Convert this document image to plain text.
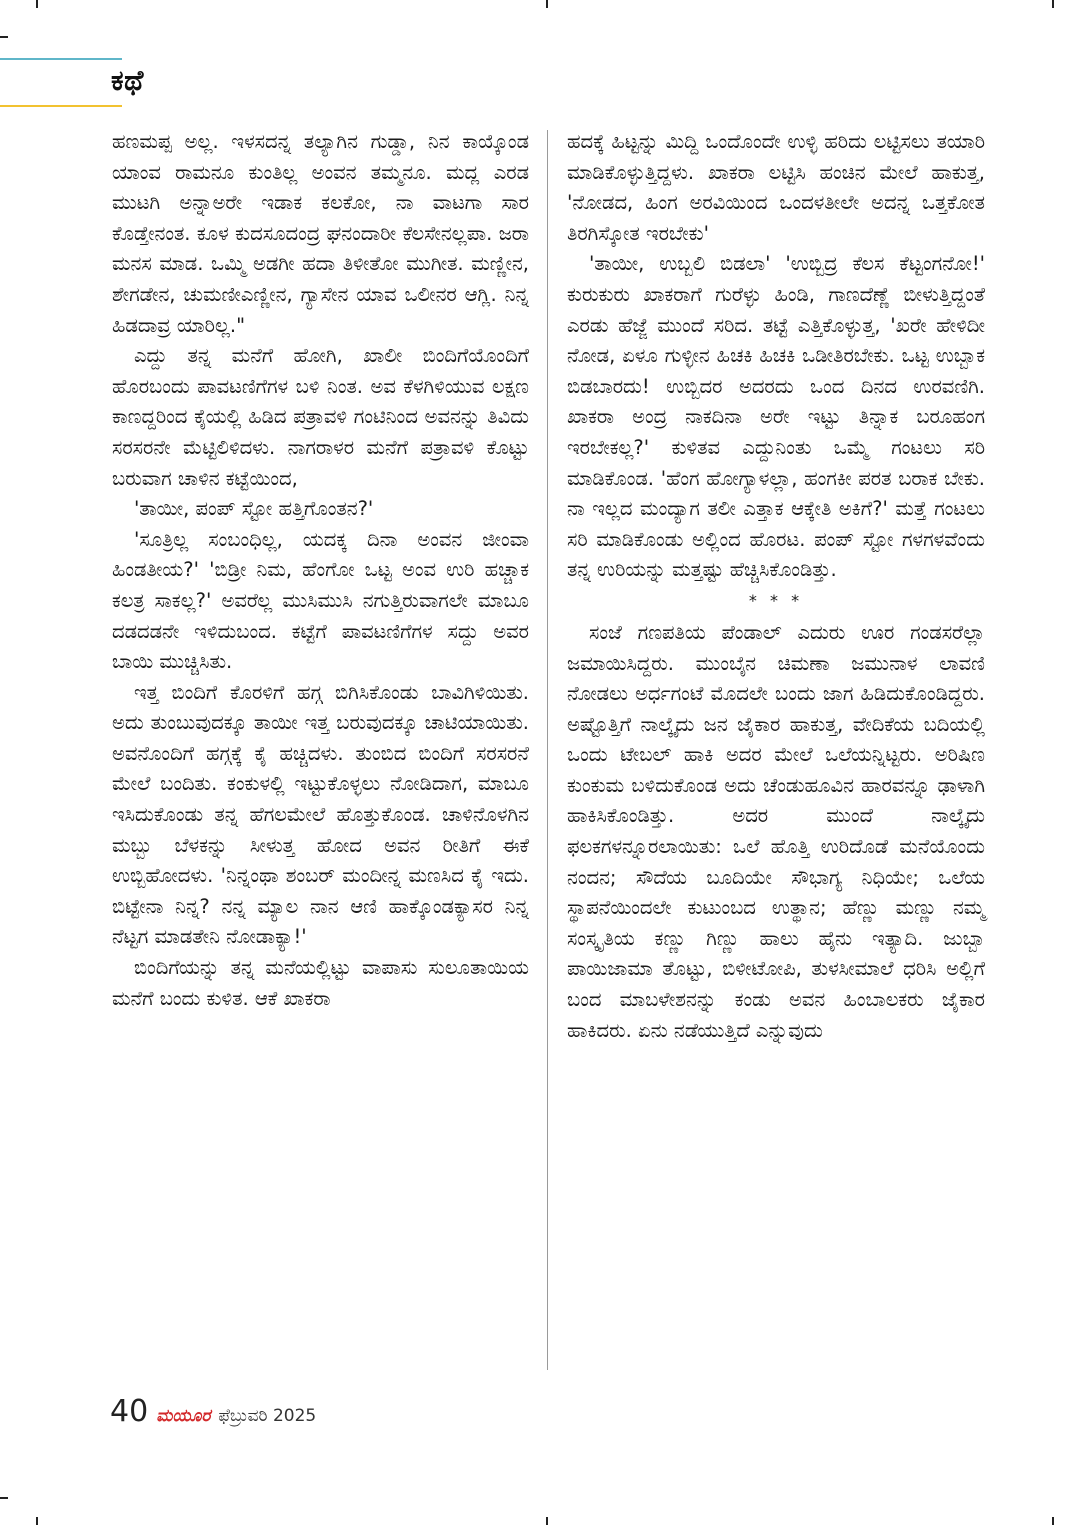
ಕಥೆ

ಹಣಮಪ್ಪ ಅಲ್ಲ. ಇಳಸದನ್ನ ತಲ್ಯಾಗಿನ ಗುಡ್ಡಾ, ನಿನ ಕಾಯ್ಕೊಂಡ ಯಾಂವ ರಾಮನೂ ಕುಂತಿಲ್ಲ ಅಂವನ ತಮ್ಮನೂ. ಮದ್ಲ ಎರಡ ಮುಟಗಿ ಅನ್ನಾಅರೇ ಇಡಾಕ ಕಲಕೋ, ನಾ ವಾಟಗಾ ಸಾರ ಕೊಡ್ತೇನಂತ. ಕೂಳ ಕುದಸೂದಂದ್ರ ಘನಂದಾರೀ ಕೆಲಸೇನಲ್ಲಪಾ. ಜರಾ ಮನಸ ಮಾಡ. ಒಮ್ಮಿ ಅಡಗೀ ಹದಾ ತಿಳೀತೋ ಮುಗೀತ. ಮಣ್ಣೀನ, ಶೇಗಡೇನ, ಚುಮಣೀಎಣ್ಣೀನ, ಗ್ಯಾಸೇನ ಯಾವ ಒಲೀನರ ಆಗ್ಲಿ. ನಿನ್ನ ಹಿಡದಾವ್ರ ಯಾರಿಲ್ಲ."

ಎದ್ದು ತನ್ನ ಮನೆಗೆ ಹೋಗಿ, ಖಾಲೀ ಬಿಂದಿಗೆಯೊಂದಿಗೆ ಹೊರಬಂದು ಪಾವಟಣಿಗೆಗಳ ಬಳಿ ನಿಂತ. ಅವ ಕೆಳಗಿಳಿಯುವ ಲಕ್ಷಣ ಕಾಣದ್ದರಿಂದ ಕೈಯಲ್ಲಿ ಹಿಡಿದ ಪತ್ರಾವಳಿ ಗಂಟಿನಿಂದ ಅವನನ್ನು ತಿವಿದು ಸರಸರನೇ ಮೆಟ್ಟಿಲಿಳಿದಳು. ನಾಗರಾಳರ ಮನೆಗೆ ಪತ್ರಾವಳಿ ಕೊಟ್ಟು ಬರುವಾಗ ಚಾಳಿನ ಕಟ್ಟೆಯಿಂದ,

'ತಾಯೀ, ಪಂಪ್ ಸ್ಟೋ ಹತ್ತಿಗೊಂತನ?'

'ಸೂತ್ರಿಲ್ಲ ಸಂಬಂಧಿಲ್ಲ, ಯದಕ್ಕ ದಿನಾ ಅಂವನ ಜೀಂವಾ ಹಿಂಡತೀಯ?' 'ಬಿಡ್ರೀ ನಿಮ, ಹೆಂಗೋ ಒಟ್ಟ ಅಂವ ಉರಿ ಹಚ್ಚಾಕ ಕಲತ್ರ ಸಾಕಲ್ಲ?' ಅವರೆಲ್ಲ ಮುಸಿಮುಸಿ ನಗುತ್ತಿರುವಾಗಲೇ ಮಾಬೂ ದಡದಡನೇ ಇಳಿದುಬಂದ. ಕಟ್ಟೆಗೆ ಪಾವಟಣಿಗೆಗಳ ಸದ್ದು ಅವರ ಬಾಯಿ ಮುಚ್ಚಿಸಿತು.

ಇತ್ತ ಬಿಂದಿಗೆ ಕೊರಳಿಗೆ ಹಗ್ಗ ಬಿಗಿಸಿಕೊಂಡು ಬಾವಿಗಿಳಿಯಿತು. ಅದು ತುಂಬುವುದಕ್ಕೂ ತಾಯೀ ಇತ್ತ ಬರುವುದಕ್ಕೂ ಚಾಟಿಯಾಯಿತು. ಅವನೊಂದಿಗೆ ಹಗ್ಗಕ್ಕೆ ಕೈ ಹಚ್ಚಿದಳು. ತುಂಬಿದ ಬಿಂದಿಗೆ ಸರಸರನೆ ಮೇಲೆ ಬಂದಿತು. ಕಂಕುಳಲ್ಲಿ ಇಟ್ಟುಕೊಳ್ಳಲು ನೋಡಿದಾಗ, ಮಾಬೂ ಇಸಿದುಕೊಂಡು ತನ್ನ ಹೆಗಲಮೇಲೆ ಹೊತ್ತುಕೊಂಡ. ಚಾಳಿನೊಳಗಿನ ಮಬ್ಬು ಬೆಳಕನ್ನು ಸೀಳುತ್ತ ಹೋದ ಅವನ ರೀತಿಗೆ ಈಕೆ ಉಬ್ಬಿಹೋದಳು. 'ನಿನ್ನಂಥಾ ಶಂಬರ್ ಮಂದೀನ್ನ ಮಣಸಿದ ಕೈ ಇದು. ಬಿಟ್ಟೇನಾ ನಿನ್ನ? ನನ್ನ ಮ್ಯಾಲ ನಾನ ಆಣಿ ಹಾಕ್ಕೊಂಡಕ್ಯಾಸರ ನಿನ್ನ ನೆಟ್ಟಗ ಮಾಡತೇನಿ ನೋಡಾಕ್ಯಾ!'

ಬಿಂದಿಗೆಯನ್ನು ತನ್ನ ಮನೆಯಲ್ಲಿಟ್ಟು ವಾಪಾಸು ಸುಲೂತಾಯಿಯ ಮನೆಗೆ ಬಂದು ಕುಳಿತ. ಆಕೆ ಖಾಕರಾ

ಹದಕ್ಕೆ ಹಿಟ್ಟನ್ನು ಮಿದ್ದಿ ಒಂದೊಂದೇ ಉಳ್ಳಿ ಹರಿದು ಲಟ್ಟಿಸಲು ತಯಾರಿ ಮಾಡಿಕೊಳ್ಳುತ್ತಿದ್ದಳು. ಖಾಕರಾ ಲಟ್ಟಿಸಿ ಹಂಚಿನ ಮೇಲೆ ಹಾಕುತ್ತ, 'ನೋಡದ, ಹಿಂಗ ಅರವಿಯಿಂದ ಒಂದಳತೀಲೇ ಅದನ್ನ ಒತ್ತಕೋತ ತಿರಗಿಸ್ಕೋತ ಇರಬೇಕು'

'ತಾಯೀ, ಉಬ್ಬಲಿ ಬಿಡಲಾ' 'ಉಬ್ಬಿದ್ರ ಕೆಲಸ ಕೆಟ್ಟಂಗನೋ!' ಕುರುಕುರು ಖಾಕರಾಗೆ ಗುರೆಳ್ಳು ಹಿಂಡಿ, ಗಾಣದೆಣ್ಣೆ ಬೀಳುತ್ತಿದ್ದಂತೆ ಎರಡು ಹೆಜ್ಜೆ ಮುಂದೆ ಸರಿದ. ತಟ್ಟೆ ಎತ್ತಿಕೊಳ್ಳುತ್ತ, 'ಖರೇ ಹೇಳಿದೀ ನೋಡ, ಏಳೂ ಗುಳ್ಳೀನ ಹಿಚಕಿ ಹಿಚಕಿ ಒಡೀತಿರಬೇಕು. ಒಟ್ಟ ಉಬ್ಬಾಕ ಬಿಡಬಾರದು! ಉಬ್ಬಿದರ ಅದರದು ಒಂದ ದಿನದ ಉರವಣಿಗಿ. ಖಾಕರಾ ಅಂದ್ರ ನಾಕದಿನಾ ಅರೇ ಇಟ್ಟು ತಿನ್ನಾಕ ಬರೂಹಂಗ ಇರಬೇಕಲ್ಲ?' ಕುಳಿತವ ಎದ್ದುನಿಂತು ಒಮ್ಮೆ ಗಂಟಲು ಸರಿ ಮಾಡಿಕೊಂಡ. 'ಹೆಂಗ ಹೋಗ್ಯಾಳಲ್ಲಾ, ಹಂಗಕೀ ಪರತ ಬರಾಕ ಬೇಕು. ನಾ ಇಲ್ಲದ ಮಂದ್ಯಾಗ ತಲೀ ಎತ್ತಾಕ ಆಕ್ಕೇತಿ ಅಕಿಗೆ?' ಮತ್ತೆ ಗಂಟಲು ಸರಿ ಮಾಡಿಕೊಂಡು ಅಲ್ಲಿಂದ ಹೊರಟ. ಪಂಪ್ ಸ್ಟೋ ಗಳಗಳವೆಂದು ತನ್ನ ಉರಿಯನ್ನು ಮತ್ತಷ್ಟು ಹೆಚ್ಚಿಸಿಕೊಂಡಿತ್ತು.

* * *

ಸಂಜೆ ಗಣಪತಿಯ ಪೆಂಡಾಲ್ ಎದುರು ಊರ ಗಂಡಸರೆಲ್ಲಾ ಜಮಾಯಿಸಿದ್ದರು. ಮುಂಬೈನ ಚಿಮಣಾ ಜಮುನಾಳ ಲಾವಣಿ ನೋಡಲು ಅರ್ಧಗಂಟೆ ಮೊದಲೇ ಬಂದು ಜಾಗ ಹಿಡಿದುಕೊಂಡಿದ್ದರು. ಅಷ್ಟೊತ್ತಿಗೆ ನಾಲ್ಕೈದು ಜನ ಜೈಕಾರ ಹಾಕುತ್ತ, ವೇದಿಕೆಯ ಬದಿಯಲ್ಲಿ ಒಂದು ಟೇಬಲ್ ಹಾಕಿ ಅದರ ಮೇಲೆ ಒಲೆಯನ್ನಿಟ್ಟರು. ಅರಿಷಿಣ ಕುಂಕುಮ ಬಳಿದುಕೊಂಡ ಅದು ಚೆಂಡುಹೂವಿನ ಹಾರವನ್ನೂ ಢಾಳಾಗಿ ಹಾಕಿಸಿಕೊಂಡಿತ್ತು. ಅದರ ಮುಂದೆ ನಾಲ್ಕೈದು ಫಲಕಗಳನ್ನೂರಲಾಯಿತು: ಒಲೆ ಹೊತ್ತಿ ಉರಿದೊಡೆ ಮನೆಯೊಂದು ನಂದನ; ಸೌದೆಯ ಬೂದಿಯೇ ಸೌಭಾಗ್ಯ ನಿಧಿಯೇ; ಒಲೆಯ ಸ್ಥಾಪನೆಯಿಂದಲೇ ಕುಟುಂಬದ ಉತ್ಥಾನ; ಹೆಣ್ಣು ಮಣ್ಣು ನಮ್ಮ ಸಂಸ್ಕೃತಿಯ ಕಣ್ಣು ಗಿಣ್ಣು ಹಾಲು ಹೈನು ಇತ್ಯಾದಿ. ಜುಬ್ಬಾ ಪಾಯಿಜಾಮಾ ತೊಟ್ಟು, ಬಿಳೀಟೋಪಿ, ತುಳಸೀಮಾಲೆ ಧರಿಸಿ ಅಲ್ಲಿಗೆ ಬಂದ ಮಾಬಳೇಶನನ್ನು ಕಂಡು ಅವನ ಹಿಂಬಾಲಕರು ಜೈಕಾರ ಹಾಕಿದರು. ಏನು ನಡೆಯುತ್ತಿದೆ ಎನ್ನುವುದು

40 ಮಯೂರ ಫೆಬ್ರುವರಿ 2025
